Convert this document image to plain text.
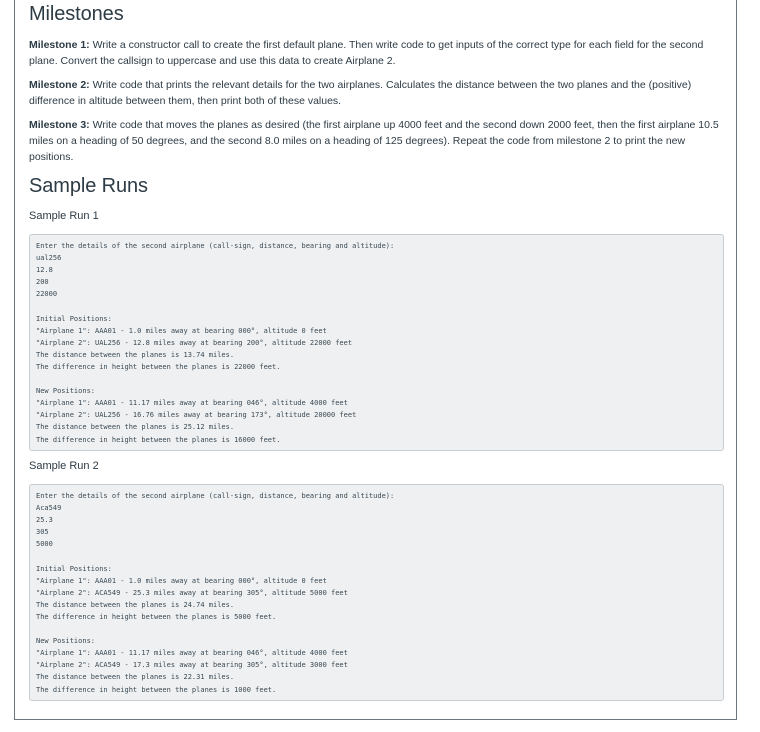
Milestones

Milestone 1: Write a constructor call to create the first default plane. Then write code to get inputs of the correct type for each field for the second plane. Convert the callsign to uppercase and use this data to create Airplane 2.

Milestone 2: Write code that prints the relevant details for the two airplanes. Calculates the distance between the two planes and the (positive) difference in altitude between them, then print both of these values.

Milestone 3: Write code that moves the planes as desired (the first airplane up 4000 feet and the second down 2000 feet, then the first airplane 10.5 miles on a heading of 50 degrees, and the second 8.0 miles on a heading of 125 degrees). Repeat the code from milestone 2 to print the new positions.

Sample Runs
Sample Run 1
Enter the details of the second airplane (call-sign, distance, bearing and altitude):
ual256
12.8
200
22000

Initial Positions:
"Airplane 1": AAA01 - 1.0 miles away at bearing 000°, altitude 0 feet
"Airplane 2": UAL256 - 12.8 miles away at bearing 200°, altitude 22000 feet
The distance between the planes is 13.74 miles.
The difference in height between the planes is 22000 feet.

New Positions:
"Airplane 1": AAA01 - 11.17 miles away at bearing 046°, altitude 4000 feet
"Airplane 2": UAL256 - 16.76 miles away at bearing 173°, altitude 20000 feet
The distance between the planes is 25.12 miles.
The difference in height between the planes is 16000 feet.
Sample Run 2
Enter the details of the second airplane (call-sign, distance, bearing and altitude):
Aca549
25.3
305
5000

Initial Positions:
"Airplane 1": AAA01 - 1.0 miles away at bearing 000°, altitude 0 feet
"Airplane 2": ACA549 - 25.3 miles away at bearing 305°, altitude 5000 feet
The distance between the planes is 24.74 miles.
The difference in height between the planes is 5000 feet.

New Positions:
"Airplane 1": AAA01 - 11.17 miles away at bearing 046°, altitude 4000 feet
"Airplane 2": ACA549 - 17.3 miles away at bearing 305°, altitude 3000 feet
The distance between the planes is 22.31 miles.
The difference in height between the planes is 1000 feet.
